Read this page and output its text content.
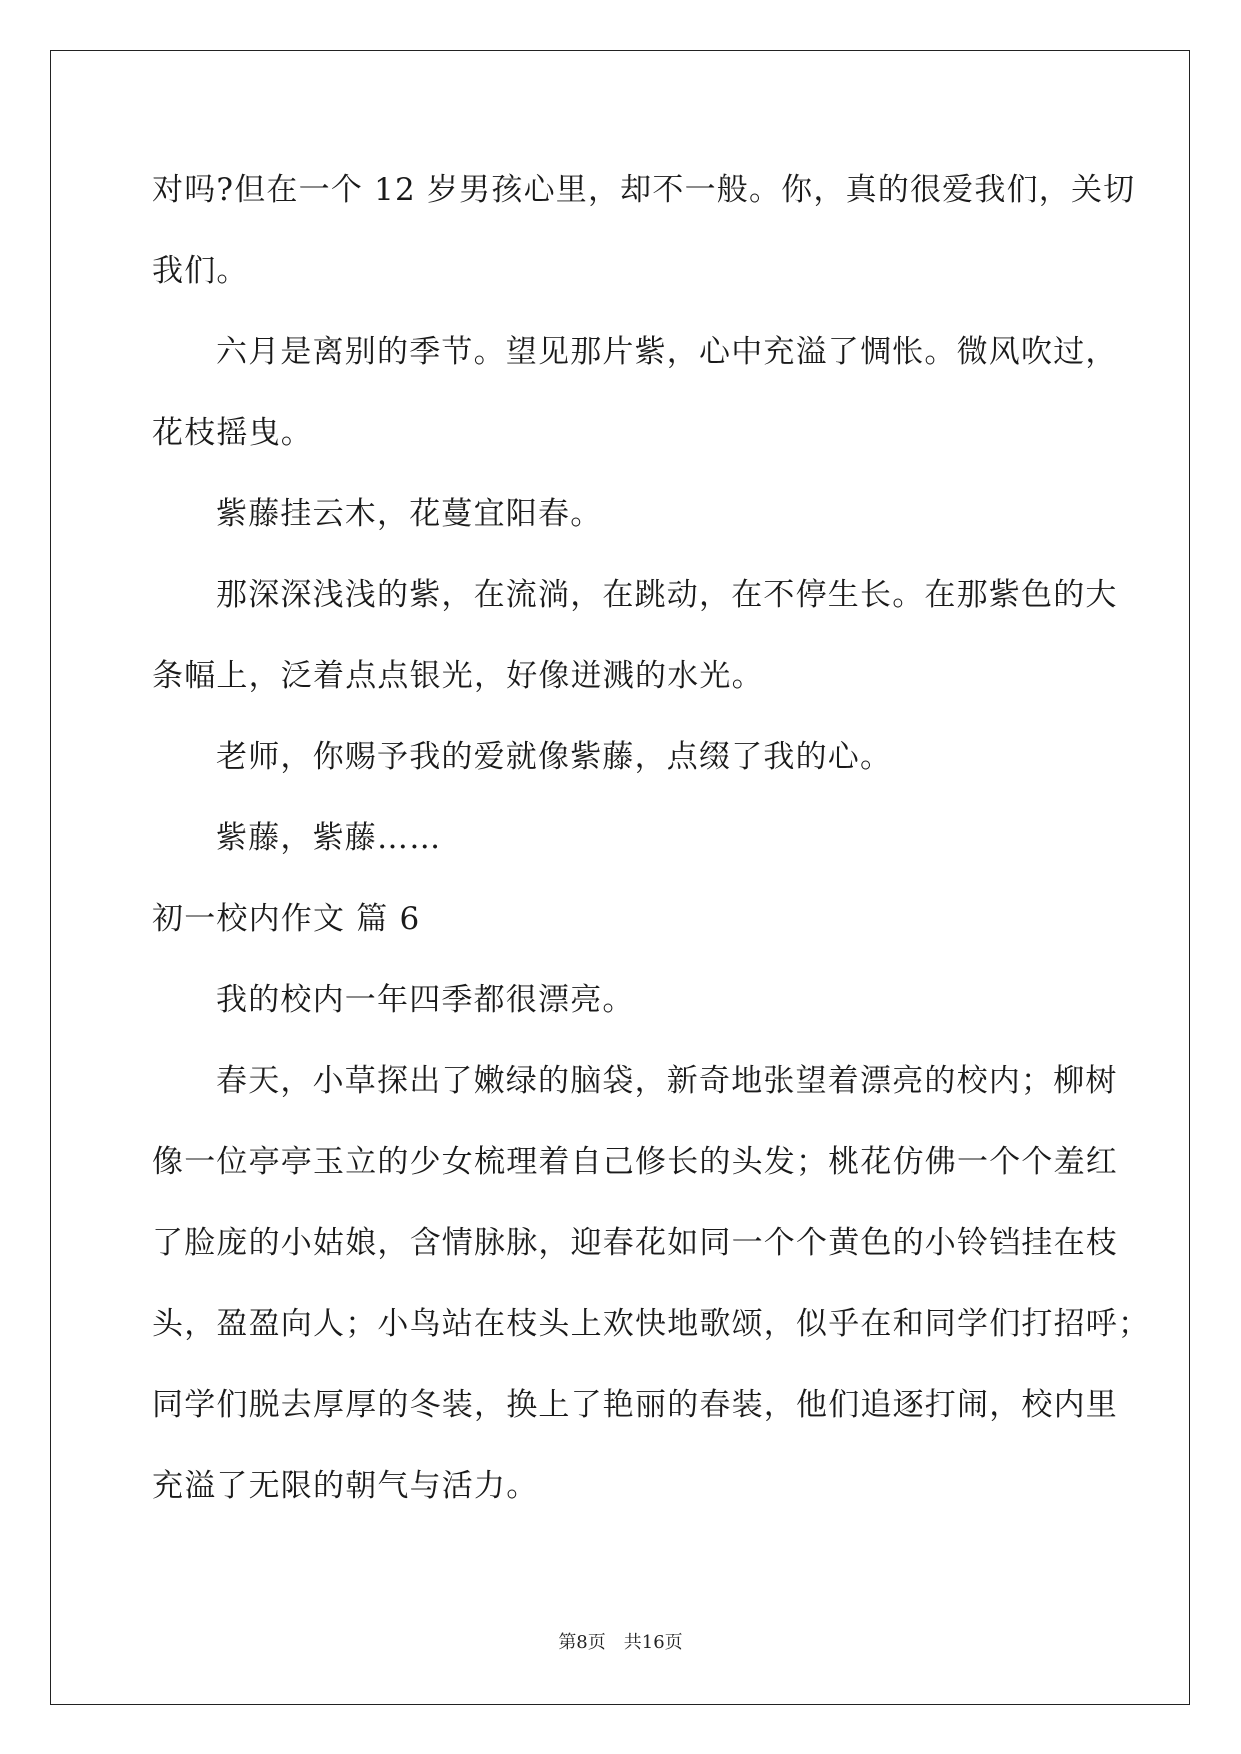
对吗?但在一个 12 岁男孩心里，却不一般。你，真的很爱我们，关切
我们。
六月是离别的季节。望见那片紫，心中充溢了惆怅。微风吹过，
花枝摇曳。
紫藤挂云木，花蔓宜阳春。
那深深浅浅的紫，在流淌，在跳动，在不停生长。在那紫色的大
条幅上，泛着点点银光，好像迸溅的水光。
老师，你赐予我的爱就像紫藤，点缀了我的心。
紫藤，紫藤……
初一校内作文 篇 6
我的校内一年四季都很漂亮。
春天，小草探出了嫩绿的脑袋，新奇地张望着漂亮的校内；柳树
像一位亭亭玉立的少女梳理着自己修长的头发；桃花仿佛一个个羞红
了脸庞的小姑娘，含情脉脉，迎春花如同一个个黄色的小铃铛挂在枝
头，盈盈向人；小鸟站在枝头上欢快地歌颂，似乎在和同学们打招呼；
同学们脱去厚厚的冬装，换上了艳丽的春装，他们追逐打闹，校内里
充溢了无限的朝气与活力。
第8页 共16页
